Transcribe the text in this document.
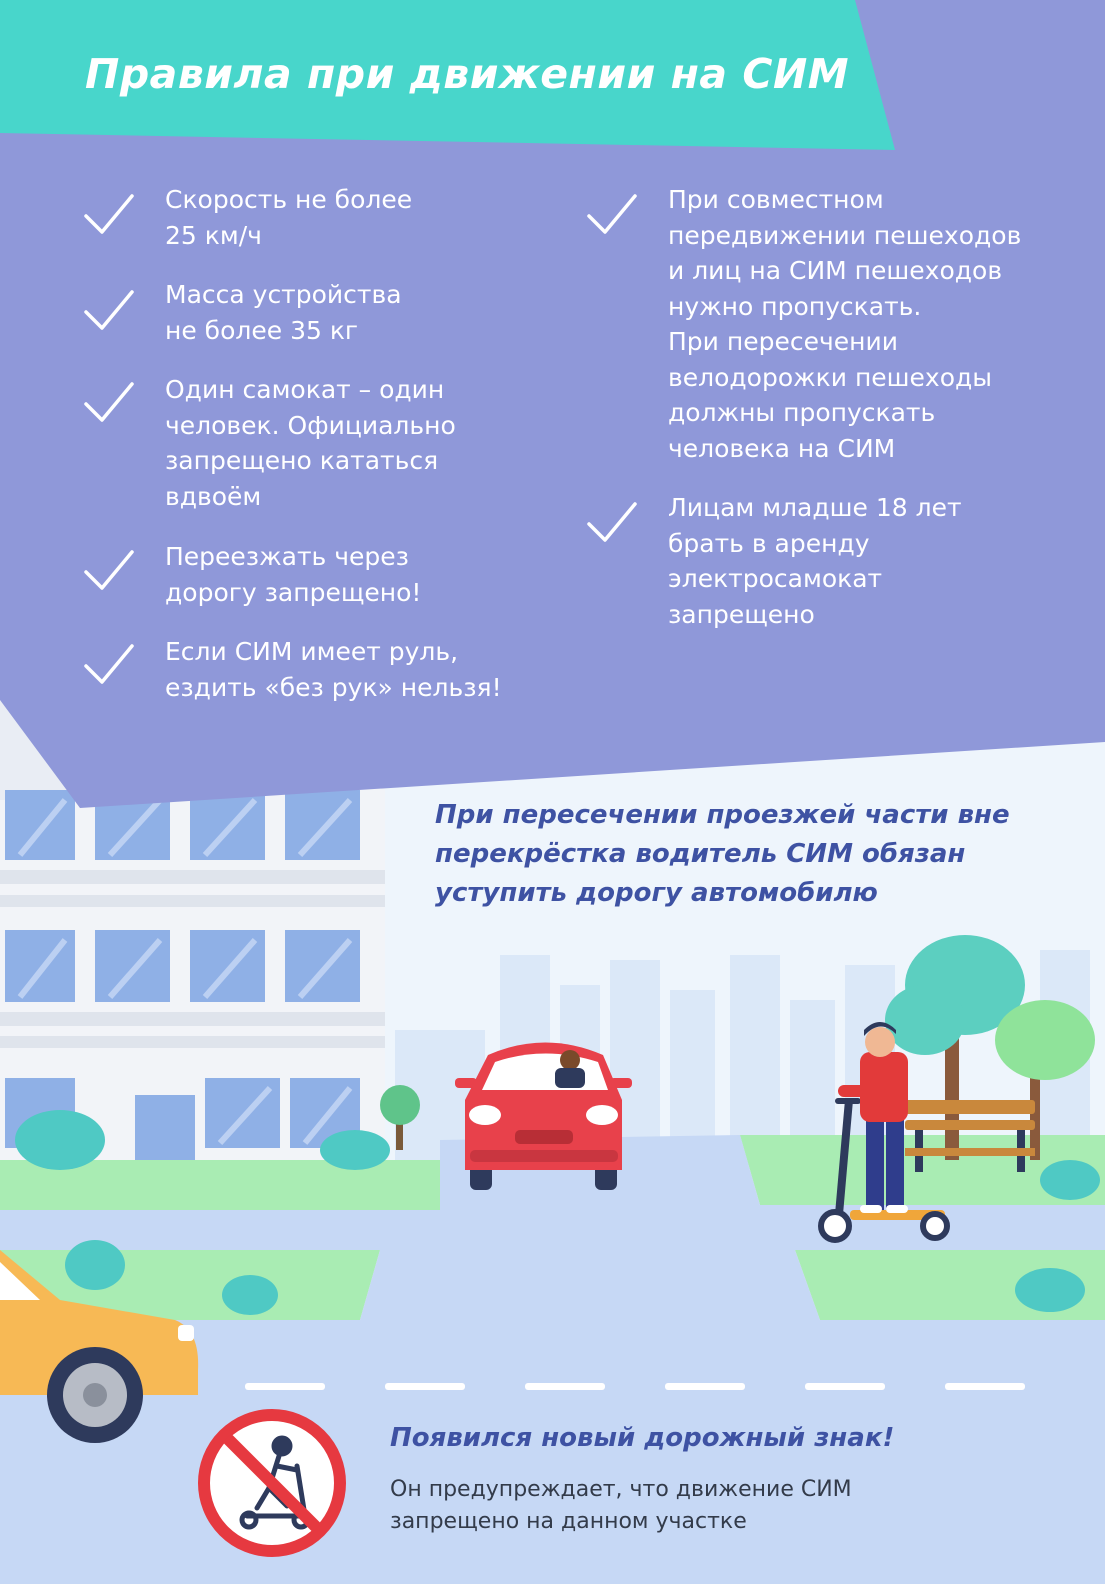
Правила при движении на СИМ
Скорость не более
25 км/ч
Масса устройства
не более 35 кг
Один самокат – один
человек. Официально
запрещено кататься
вдвоём
Переезжать через
дорогу запрещено!
Если СИМ имеет руль,
ездить «без рук» нельзя!
При совместном
передвижении пешеходов
и лиц на СИМ пешеходов
нужно пропускать.
При пересечении
велодорожки пешеходы
должны пропускать
человека на СИМ
Лицам младше 18 лет
брать в аренду
электросамокат
запрещено
При пересечении проезжей части вне
перекрёстка водитель СИМ обязан
уступить дорогу автомобилю
Появился новый дорожный знак!
Он предупреждает, что движение СИМ
запрещено на данном участке
